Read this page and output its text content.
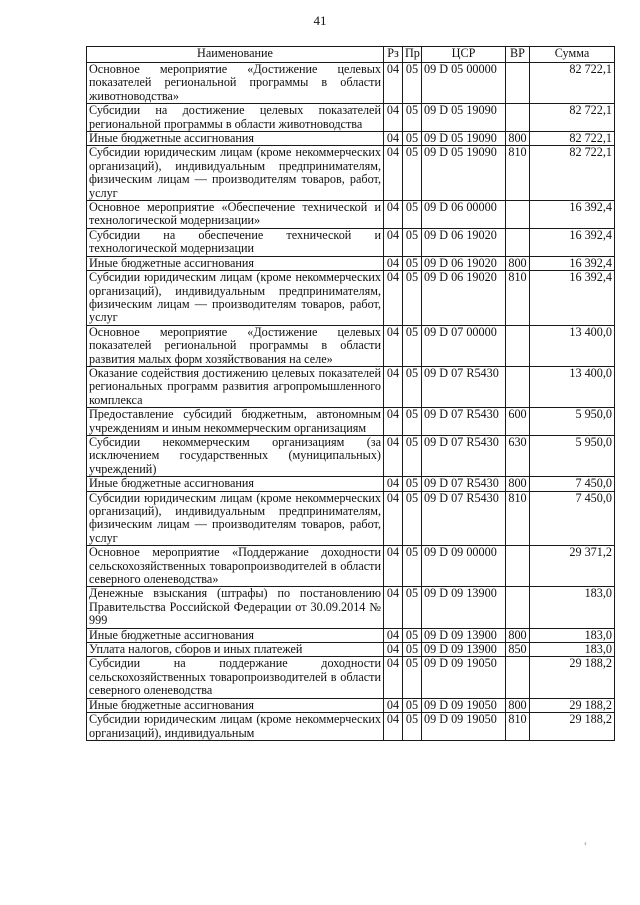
41
Наименование	Рз	Пр	ЦСР	ВР	Сумма
Основное мероприятие «Достижение целевых показателей региональной программы в области животноводства»	04	05	09 D 05 00000		82 722,1
Субсидии на достижение целевых показателей региональной программы в области животноводства	04	05	09 D 05 19090		82 722,1
Иные бюджетные ассигнования	04	05	09 D 05 19090	800	82 722,1
Субсидии юридическим лицам (кроме некоммерческих организаций), индивидуальным предпринимателям, физическим лицам — производителям товаров, работ, услуг	04	05	09 D 05 19090	810	82 722,1
Основное мероприятие «Обеспечение технической и технологической модернизации»	04	05	09 D 06 00000		16 392,4
Субсидии на обеспечение технической и технологической модернизации	04	05	09 D 06 19020		16 392,4
Иные бюджетные ассигнования	04	05	09 D 06 19020	800	16 392,4
Субсидии юридическим лицам (кроме некоммерческих организаций), индивидуальным предпринимателям, физическим лицам — производителям товаров, работ, услуг	04	05	09 D 06 19020	810	16 392,4
Основное мероприятие «Достижение целевых показателей региональной программы в области развития малых форм хозяйствования на селе»	04	05	09 D 07 00000		13 400,0
Оказание содействия достижению целевых показателей региональных программ развития агропромышленного комплекса	04	05	09 D 07 R5430		13 400,0
Предоставление субсидий бюджетным, автономным учреждениям и иным некоммерческим организациям	04	05	09 D 07 R5430	600	5 950,0
Субсидии некоммерческим организациям (за исключением государственных (муниципальных) учреждений)	04	05	09 D 07 R5430	630	5 950,0
Иные бюджетные ассигнования	04	05	09 D 07 R5430	800	7 450,0
Субсидии юридическим лицам (кроме некоммерческих организаций), индивидуальным предпринимателям, физическим лицам — производителям товаров, работ, услуг	04	05	09 D 07 R5430	810	7 450,0
Основное мероприятие «Поддержание доходности сельскохозяйственных товаропроизводителей в области северного оленеводства»	04	05	09 D 09 00000		29 371,2
Денежные взыскания (штрафы) по постановлению Правительства Российской Федерации от 30.09.2014 № 999	04	05	09 D 09 13900		183,0
Иные бюджетные ассигнования	04	05	09 D 09 13900	800	183,0
Уплата налогов, сборов и иных платежей	04	05	09 D 09 13900	850	183,0
Субсидии на поддержание доходности сельскохозяйственных товаропроизводителей в области северного оленеводства	04	05	09 D 09 19050		29 188,2
Иные бюджетные ассигнования	04	05	09 D 09 19050	800	29 188,2
Субсидии юридическим лицам (кроме некоммерческих организаций), индивидуальным	04	05	09 D 09 19050	810	29 188,2
‹
